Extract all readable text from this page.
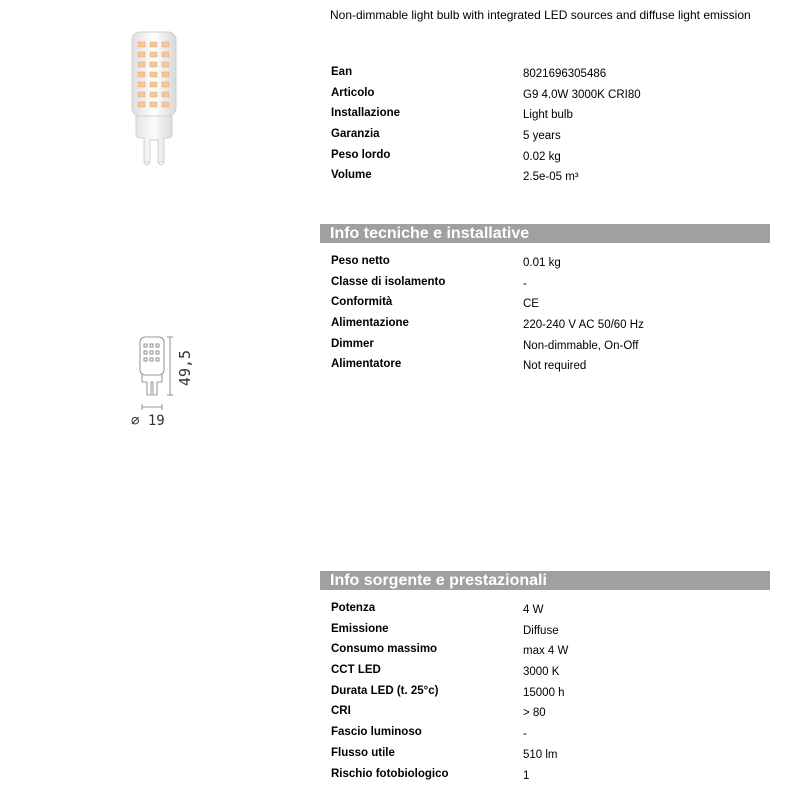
Non-dimmable light bulb with integrated LED sources and diffuse light emission
49,5
⌀ 19
Ean	8021696305486
Articolo	G9 4.0W 3000K CRI80
Installazione	Light bulb
Garanzia	5 years
Peso lordo	0.02 kg
Volume	2.5e-05 m³
Info tecniche e installative
Peso netto	0.01 kg
Classe di isolamento	-
Conformità	CE
Alimentazione	220-240 V AC 50/60 Hz
Dimmer	Non-dimmable, On-Off
Alimentatore	Not required
Info sorgente e prestazionali
Potenza	4 W
Emissione	Diffuse
Consumo massimo	max 4 W
CCT LED	3000 K
Durata LED (t. 25°c)	15000 h
CRI	> 80
Fascio luminoso	-
Flusso utile	510 lm
Rischio fotobiologico	1
